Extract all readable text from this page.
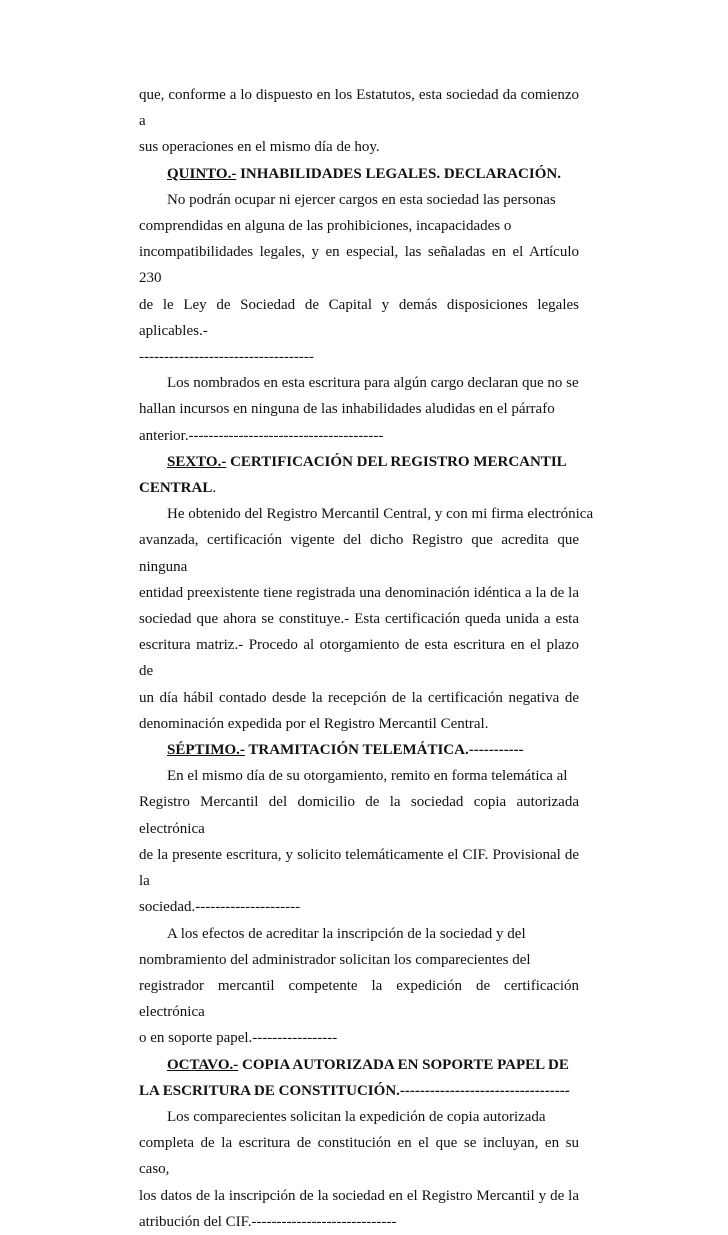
que, conforme a lo dispuesto en los Estatutos, esta sociedad da comienzo a
sus operaciones en el mismo día de hoy.
QUINTO.- INHABILIDADES LEGALES. DECLARACIÓN.
No podrán ocupar ni ejercer cargos en esta sociedad las personas
comprendidas en alguna de las prohibiciones, incapacidades o
incompatibilidades legales, y en especial, las señaladas en el Artículo 230
de le Ley de Sociedad de Capital y demás disposiciones legales aplicables.-
-----------------------------------
Los nombrados en esta escritura para algún cargo declaran que no se
hallan incursos en ninguna de las inhabilidades aludidas en el párrafo
anterior.---------------------------------------
SEXTO.- CERTIFICACIÓN DEL REGISTRO MERCANTIL
CENTRAL.
He obtenido del Registro Mercantil Central, y con mi firma electrónica
avanzada, certificación vigente del dicho Registro que acredita que ninguna
entidad preexistente tiene registrada una denominación idéntica a la de la
sociedad que ahora se constituye.- Esta certificación queda unida a esta
escritura matriz.- Procedo al otorgamiento de esta escritura en el plazo de
un día hábil contado desde la recepción de la certificación negativa de
denominación expedida por el Registro Mercantil Central.
SÉPTIMO.- TRAMITACIÓN TELEMÁTICA.-----------
En el mismo día de su otorgamiento, remito en forma telemática al
Registro Mercantil del domicilio de la sociedad copia autorizada electrónica
de la presente escritura, y solicito telemáticamente el CIF. Provisional de la
sociedad.---------------------
A los efectos de acreditar la inscripción de la sociedad y del
nombramiento del administrador solicitan los comparecientes del
registrador mercantil competente la expedición de certificación electrónica
o en soporte papel.-----------------
OCTAVO.- COPIA AUTORIZADA EN SOPORTE PAPEL DE
LA ESCRITURA DE CONSTITUCIÓN.----------------------------------
Los comparecientes solicitan la expedición de copia autorizada
completa de la escritura de constitución en el que se incluyan, en su caso,
los datos de la inscripción de la sociedad en el Registro Mercantil y de la
atribución del CIF.-----------------------------
